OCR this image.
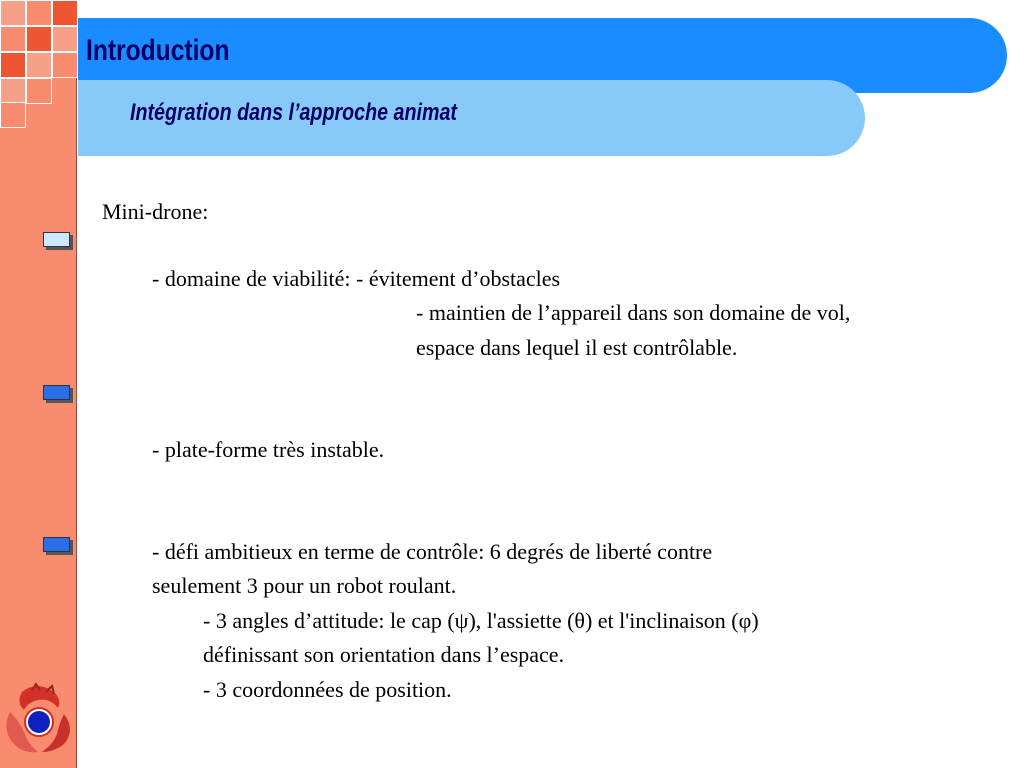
Introduction
Intégration dans l’approche animat
Mini-drone:
- domaine de viabilité: - évitement d’obstacles
- maintien de l’appareil dans son domaine de vol,
espace dans lequel il est contrôlable.
- plate-forme très instable.
- défi ambitieux en terme de contrôle: 6 degrés de liberté contre
seulement 3 pour un robot roulant.
- 3 angles d’attitude: le cap (ψ), l'assiette (θ) et l'inclinaison (φ)
définissant son orientation dans l’espace.
- 3 coordonnées de position.
